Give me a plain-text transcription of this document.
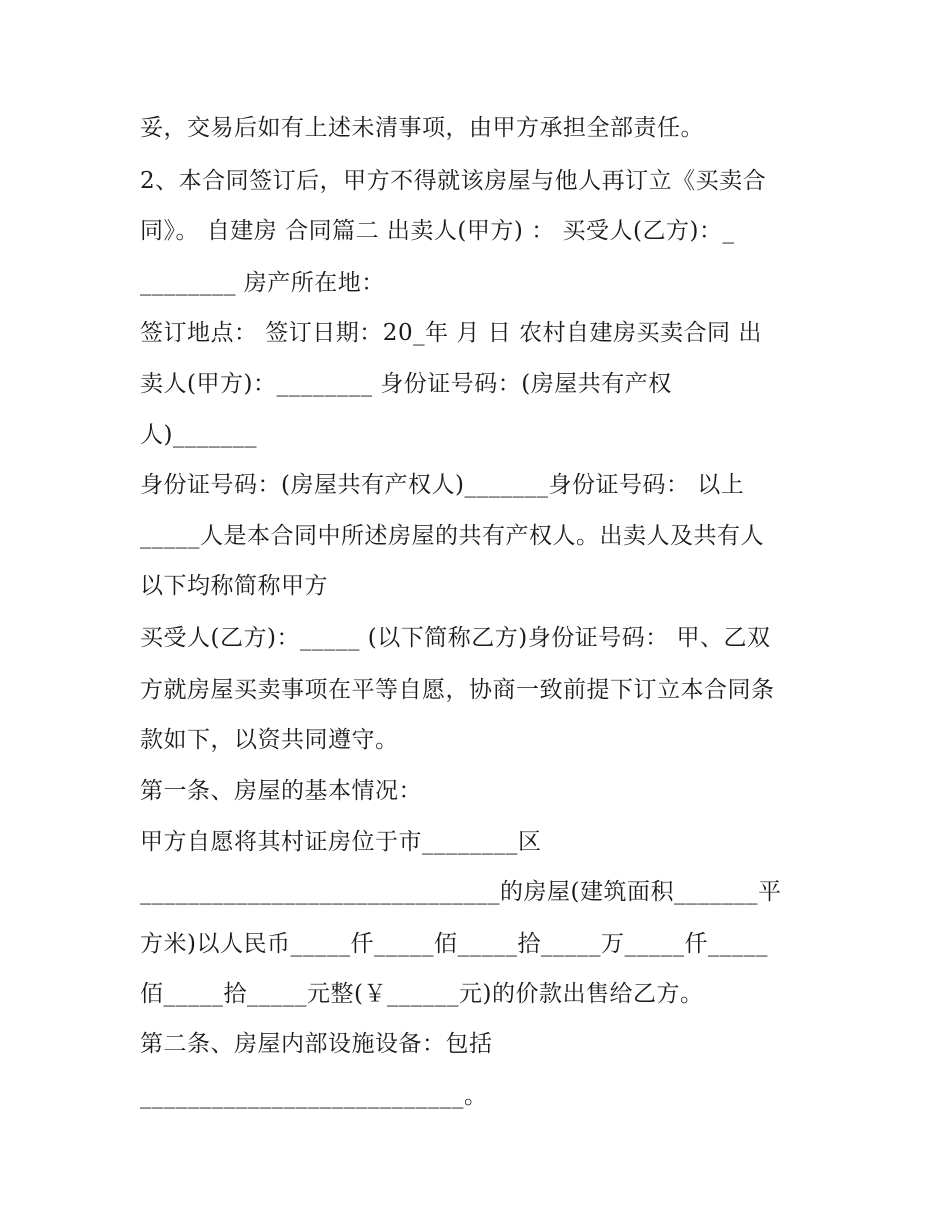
妥，交易后如有上述未清事项，由甲方承担全部责任。
2、本合同签订后，甲方不得就该房屋与他人再订立《买卖合
同》。 自建房 合同篇二 出卖人(甲方) ： 买受人(乙方)：_
________ 房产所在地：
签订地点： 签订日期：20_年 月 日 农村自建房买卖合同 出
卖人(甲方)：________ 身份证号码：(房屋共有产权
人)_______
身份证号码：(房屋共有产权人)_______身份证号码： 以上
_____人是本合同中所述房屋的共有产权人。出卖人及共有人
以下均称简称甲方
买受人(乙方)：_____ (以下简称乙方)身份证号码： 甲、乙双
方就房屋买卖事项在平等自愿，协商一致前提下订立本合同条
款如下，以资共同遵守。
第一条、房屋的基本情况：
甲方自愿将其村证房位于市________区
______________________________的房屋(建筑面积_______平
方米)以人民币_____仟_____佰_____拾_____万_____仟_____
佰_____拾_____元整(￥______元)的价款出售给乙方。
第二条、房屋内部设施设备：包括
___________________________。
